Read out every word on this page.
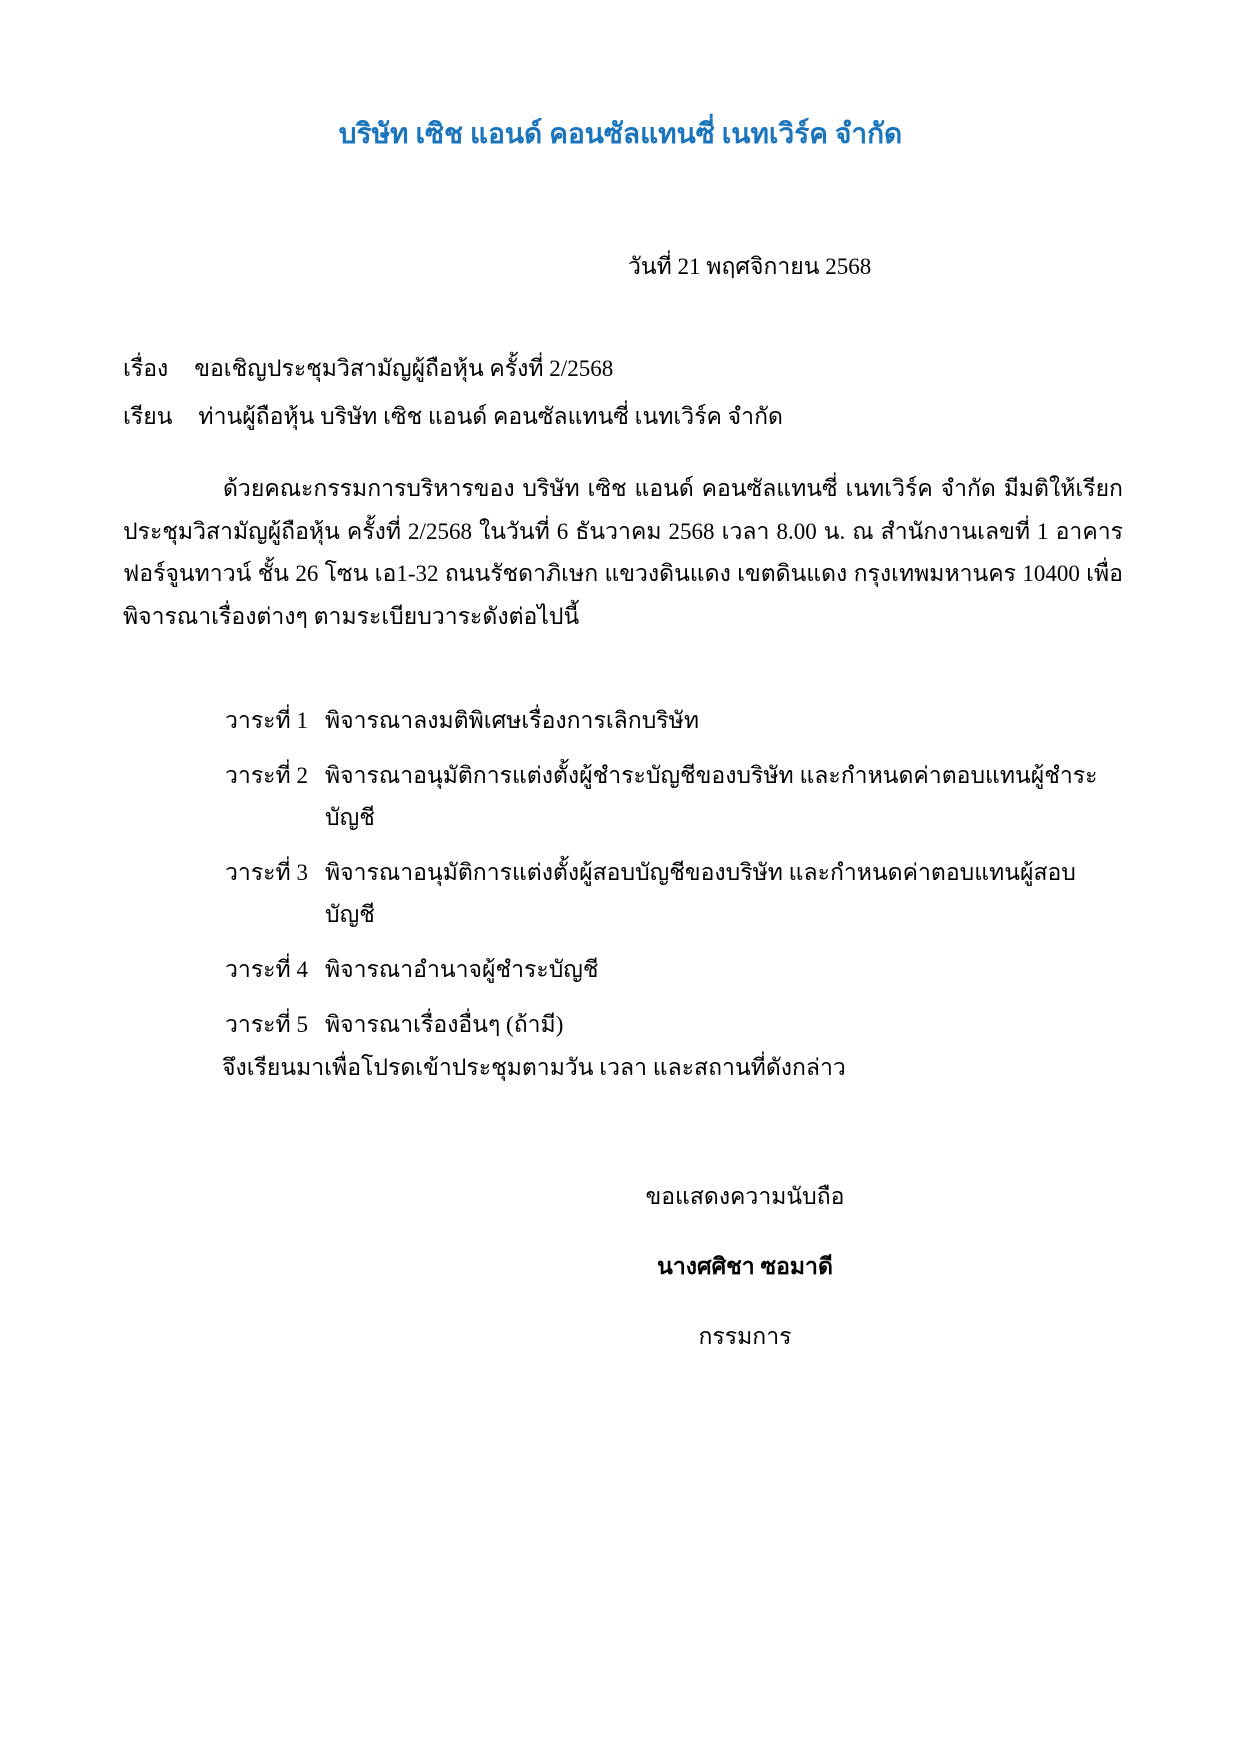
บริษัท เซิช แอนด์ คอนซัลแทนซี่ เนทเวิร์ค จำกัด
วันที่ 21 พฤศจิกายน 2568
เรื่อง ขอเชิญประชุมวิสามัญผู้ถือหุ้น ครั้งที่ 2/2568
เรียน ท่านผู้ถือหุ้น บริษัท เซิช แอนด์ คอนซัลแทนซี่ เนทเวิร์ค จำกัด
ด้วยคณะกรรมการบริหารของ บริษัท เซิช แอนด์ คอนซัลแทนซี่ เนทเวิร์ค จำกัด มีมติให้เรียกประชุมวิสามัญผู้ถือหุ้น ครั้งที่ 2/2568 ในวันที่ 6 ธันวาคม 2568 เวลา 8.00 น. ณ สำนักงานเลขที่ 1 อาคารฟอร์จูนทาวน์ ชั้น 26 โซน เอ1-32 ถนนรัชดาภิเษก แขวงดินแดง เขตดินแดง กรุงเทพมหานคร 10400 เพื่อพิจารณาเรื่องต่างๆ ตามระเบียบวาระดังต่อไปนี้
วาระที่ 1 พิจารณาลงมติพิเศษเรื่องการเลิกบริษัท
วาระที่ 2 พิจารณาอนุมัติการแต่งตั้งผู้ชำระบัญชีของบริษัท และกำหนดค่าตอบแทนผู้ชำระบัญชี
วาระที่ 3 พิจารณาอนุมัติการแต่งตั้งผู้สอบบัญชีของบริษัท และกำหนดค่าตอบแทนผู้สอบบัญชี
วาระที่ 4 พิจารณาอำนาจผู้ชำระบัญชี
วาระที่ 5 พิจารณาเรื่องอื่นๆ (ถ้ามี)
จึงเรียนมาเพื่อโปรดเข้าประชุมตามวัน เวลา และสถานที่ดังกล่าว
ขอแสดงความนับถือ
นางศศิชา ซอมาดี
กรรมการ
